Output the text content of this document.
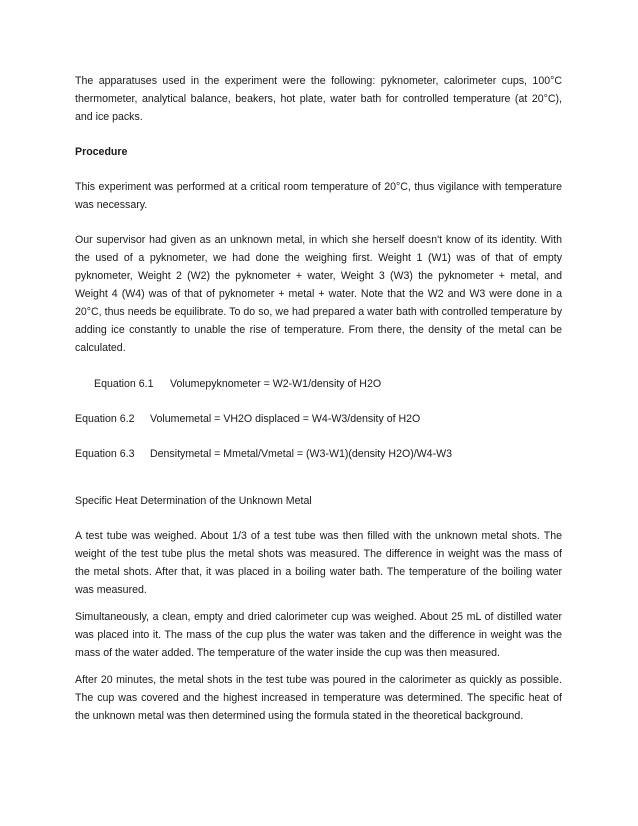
The apparatuses used in the experiment were the following: pyknometer, calorimeter cups, 100°C thermometer, analytical balance, beakers, hot plate, water bath for controlled temperature (at 20°C), and ice packs.

Procedure

This experiment was performed at a critical room temperature of 20°C, thus vigilance with temperature was necessary.

Our supervisor had given as an unknown metal, in which she herself doesn't know of its identity. With the used of a pyknometer, we had done the weighing first. Weight 1 (W1) was of that of empty pyknometer, Weight 2 (W2) the pyknometer + water, Weight 3 (W3) the pyknometer + metal, and Weight 4 (W4) was of that of pyknometer + metal + water. Note that the W2 and W3 were done in a 20°C, thus needs be equilibrate. To do so, we had prepared a water bath with controlled temperature by adding ice constantly to unable the rise of temperature. From there, the density of the metal can be calculated.

Equation 6.1 Volumepyknometer = W2-W1/density of H2O
Equation 6.2 Volumemetal = VH2O displaced = W4-W3/density of H2O
Equation 6.3 Densitymetal = Mmetal/Vmetal = (W3-W1)(density H2O)/W4-W3

Specific Heat Determination of the Unknown Metal

A test tube was weighed. About 1/3 of a test tube was then filled with the unknown metal shots. The weight of the test tube plus the metal shots was measured. The difference in weight was the mass of the metal shots. After that, it was placed in a boiling water bath. The temperature of the boiling water was measured.

Simultaneously, a clean, empty and dried calorimeter cup was weighed. About 25 mL of distilled water was placed into it. The mass of the cup plus the water was taken and the difference in weight was the mass of the water added. The temperature of the water inside the cup was then measured.

After 20 minutes, the metal shots in the test tube was poured in the calorimeter as quickly as possible. The cup was covered and the highest increased in temperature was determined. The specific heat of the unknown metal was then determined using the formula stated in the theoretical background.
